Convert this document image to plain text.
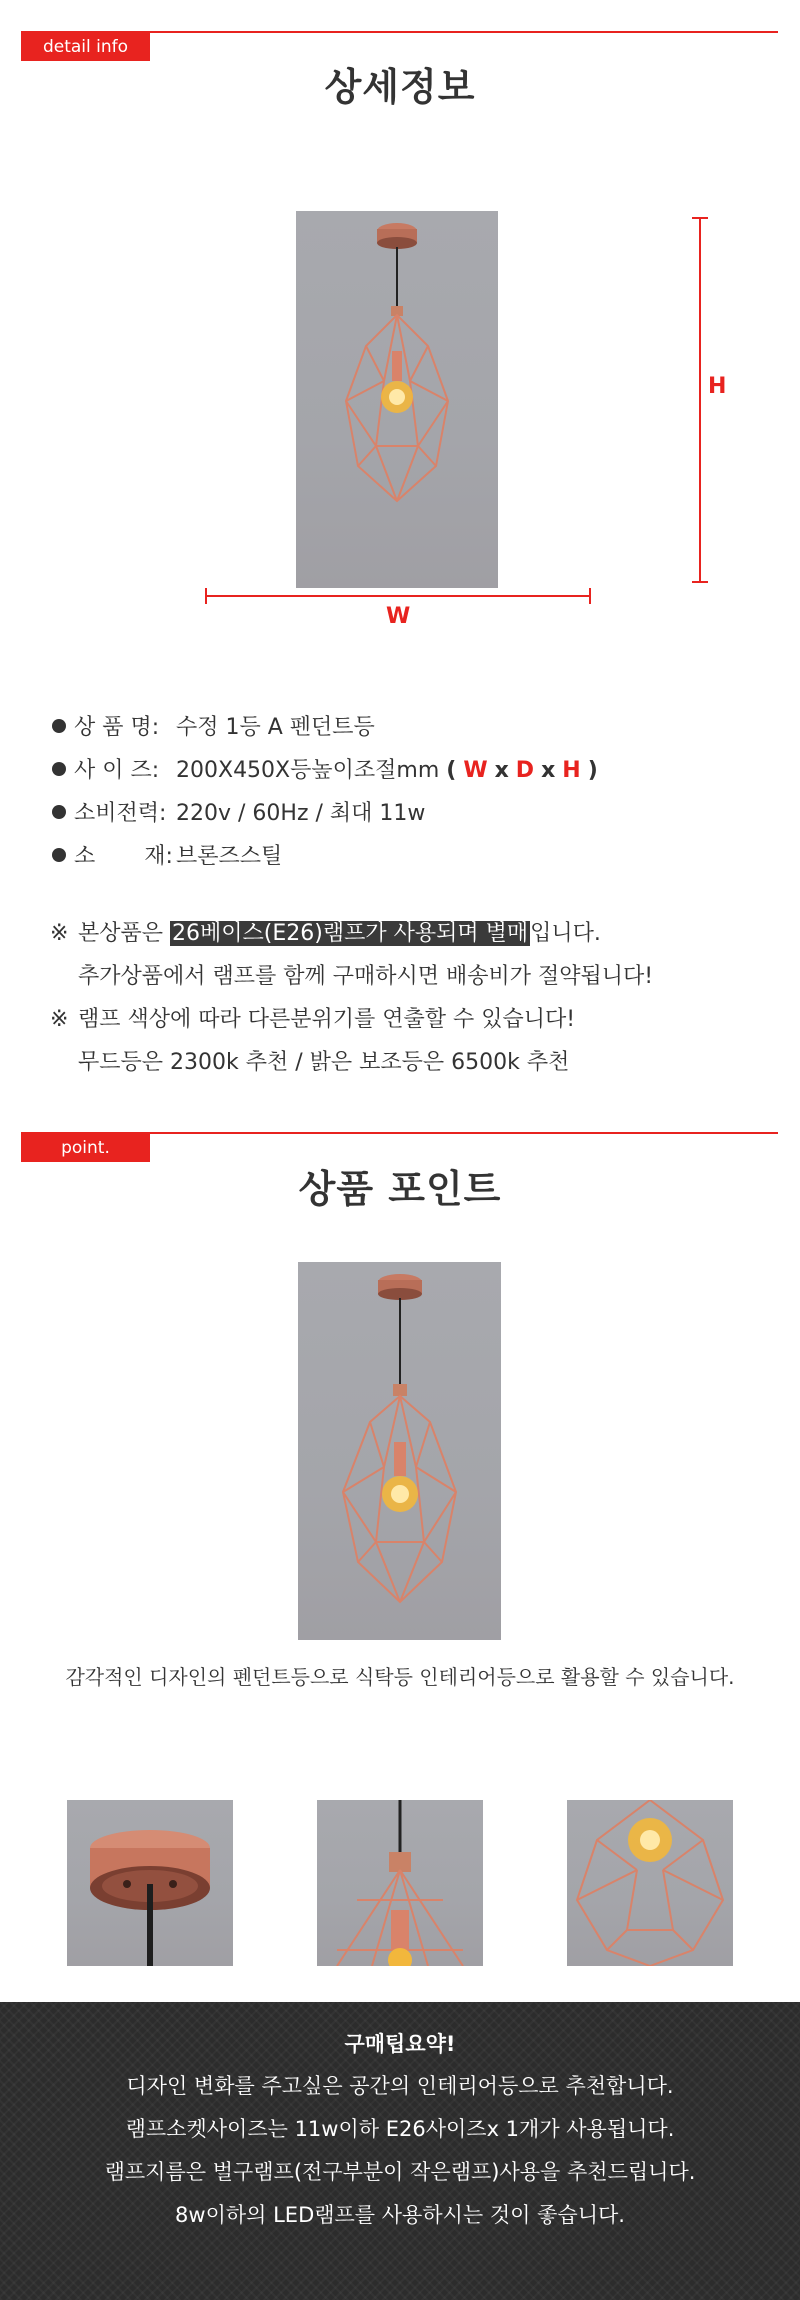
detail info
상세정보
H
W
상 품 명: 수정 1등 A 펜던트등
사 이 즈: 200X450X등높이조절mm ( W x D x H )
소비전력: 220v / 60Hz / 최대 11w
소       재: 브론즈스틸
※ 본상품은 26베이스(E26)램프가 사용되며 별매입니다.
추가상품에서 램프를 함께 구매하시면 배송비가 절약됩니다!
※ 램프 색상에 따라 다른분위기를 연출할 수 있습니다!
무드등은 2300k 추천 / 밝은 보조등은 6500k 추천
point.
상품 포인트
감각적인 디자인의 펜던트등으로 식탁등 인테리어등으로 활용할 수 있습니다.
구매팁요약!
디자인 변화를 주고싶은 공간의 인테리어등으로 추천합니다.
램프소켓사이즈는 11w이하 E26사이즈x 1개가 사용됩니다.
램프지름은 벌구램프(전구부분이 작은램프)사용을 추천드립니다.
8w이하의 LED램프를 사용하시는 것이 좋습니다.
